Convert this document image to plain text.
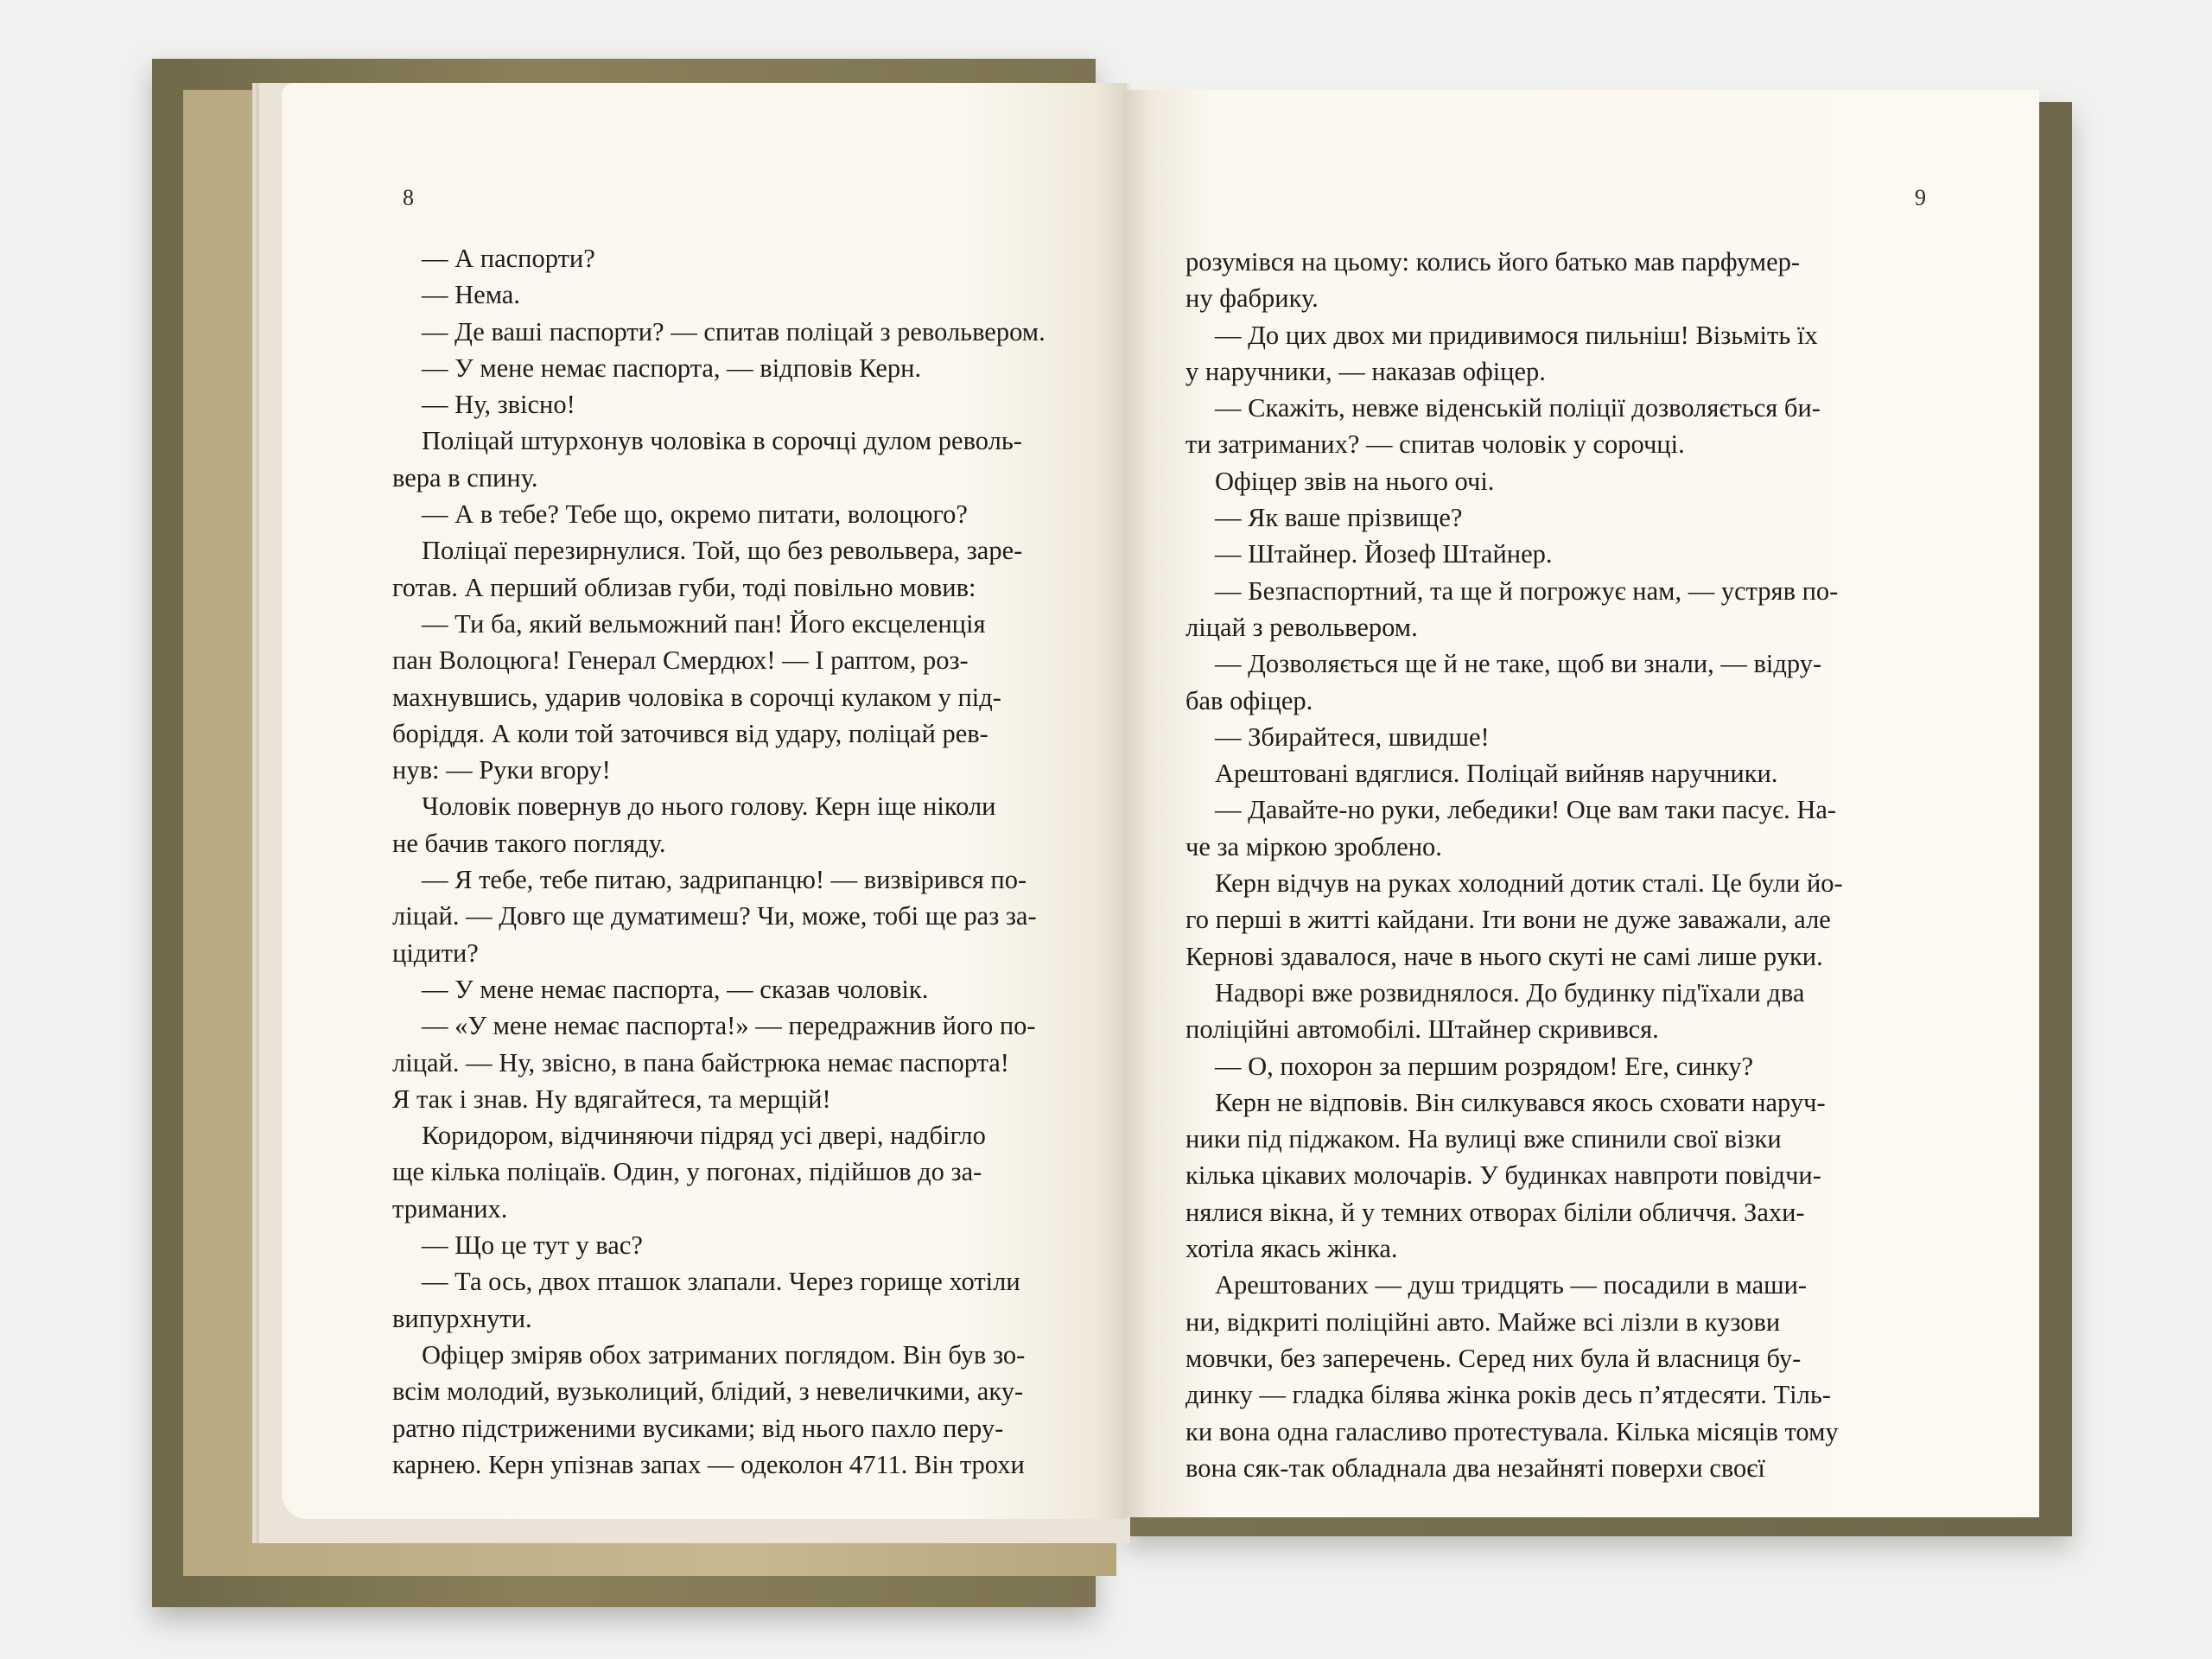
8
— А паспорти?
— Нема.
— Де ваші паспорти? — спитав поліцай з револьвером.
— У мене немає паспорта, — відповів Керн.
— Ну, звісно!
Поліцай штурхонув чоловіка в сорочці дулом револь-
вера в спину.
— А в тебе? Тебе що, окремо питати, волоцюго?
Поліцаї перезирнулися. Той, що без револьвера, заре-
готав. А перший облизав губи, тоді повільно мовив:
— Ти ба, який вельможний пан! Його ексцеленція
пан Волоцюга! Генерал Смердюх! — І раптом, роз-
махнувшись, ударив чоловіка в сорочці кулаком у під-
боріддя. А коли той заточився від удару, поліцай рев-
нув: — Руки вгору!
Чоловік повернув до нього голову. Керн іще ніколи
не бачив такого погляду.
— Я тебе, тебе питаю, задрипанцю! — визвірився по-
ліцай. — Довго ще думатимеш? Чи, може, тобі ще раз за-
цідити?
— У мене немає паспорта, — сказав чоловік.
— «У мене немає паспорта!» — передражнив його по-
ліцай. — Ну, звісно, в пана байстрюка немає паспорта!
Я так і знав. Ну вдягайтеся, та мерщій!
Коридором, відчиняючи підряд усі двері, надбігло
ще кілька поліцаїв. Один, у погонах, підійшов до за-
триманих.
— Що це тут у вас?
— Та ось, двох пташок злапали. Через горище хотіли
випурхнути.
Офіцер зміряв обох затриманих поглядом. Він був зо-
всім молодий, вузьколиций, блідий, з невеличкими, аку-
ратно підстриженими вусиками; від нього пахло перу-
карнею. Керн упізнав запах — одеколон 4711. Він трохи
9
розумівся на цьому: колись його батько мав парфумер-
ну фабрику.
— До цих двох ми придивимося пильніш! Візьміть їх
у наручники, — наказав офіцер.
— Скажіть, невже віденській поліції дозволяється би-
ти затриманих? — спитав чоловік у сорочці.
Офіцер звів на нього очі.
— Як ваше прізвище?
— Штайнер. Йозеф Штайнер.
— Безпаспортний, та ще й погрожує нам, — устряв по-
ліцай з револьвером.
— Дозволяється ще й не таке, щоб ви знали, — відру-
бав офіцер.
— Збирайтеся, швидше!
Арештовані вдяглися. Поліцай вийняв наручники.
— Давайте-но руки, лебедики! Оце вам таки пасує. На-
че за міркою зроблено.
Керн відчув на руках холодний дотик сталі. Це були йо-
го перші в житті кайдани. Іти вони не дуже заважали, але
Кернові здавалося, наче в нього скуті не самі лише руки.
Надворі вже розвиднялося. До будинку під'їхали два
поліційні автомобілі. Штайнер скривився.
— О, похорон за першим розрядом! Еге, синку?
Керн не відповів. Він силкувався якось сховати наруч-
ники під піджаком. На вулиці вже спинили свої візки
кілька цікавих молочарів. У будинках навпроти повідчи-
нялися вікна, й у темних отворах біліли обличчя. Захи-
хотіла якась жінка.
Арештованих — душ тридцять — посадили в маши-
ни, відкриті поліційні авто. Майже всі лізли в кузови
мовчки, без заперечень. Серед них була й власниця бу-
динку — гладка білява жінка років десь п’ятдесяти. Тіль-
ки вона одна галасливо протестувала. Кілька місяців тому
вона сяк-так обладнала два незайняті поверхи своєї
